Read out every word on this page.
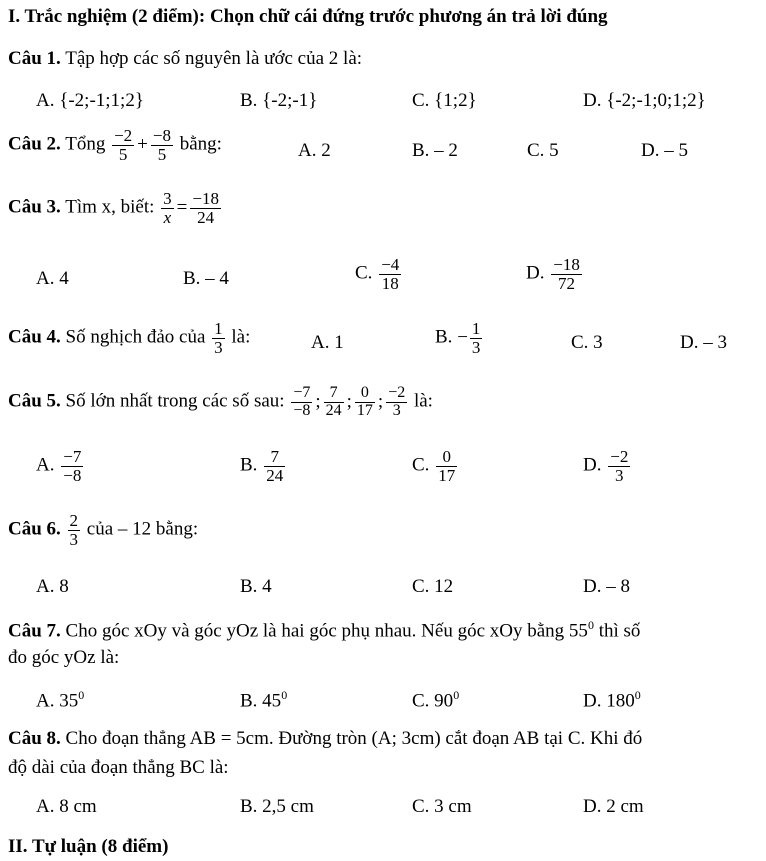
I. Trắc nghiệm (2 điểm): Chọn chữ cái đứng trước phương án trả lời đúng
Câu 1. Tập hợp các số nguyên là ước của 2 là:
A. {-2;-1;1;2}	B. {-2;-1}	C. {1;2}	D. {-2;-1;0;1;2}
Câu 2. Tổng $\frac{-2}{5} + \frac{-8}{5}$ bằng:	A. 2	B. – 2	C. 5	D. – 5
Câu 3. Tìm x, biết: $\frac{3}{x} = \frac{-18}{24}$
A. 4	B. – 4	C. $\frac{-4}{18}$	D. $\frac{-18}{72}$
Câu 4. Số nghịch đảo của $\frac{1}{3}$ là:	A. 1	B. − $\frac{1}{3}$	C. 3	D. – 3
Câu 5. Số lớn nhất trong các số sau: $\frac{-7}{-8}$ ; $\frac{7}{24}$ ; $\frac{0}{17}$ ; $\frac{-2}{3}$ là:
A. $\frac{-7}{-8}$	B. $\frac{7}{24}$	C. $\frac{0}{17}$	D. $\frac{-2}{3}$
Câu 6. $\frac{2}{3}$ của – 12 bằng:
A. 8	B. 4	C. 12	D. – 8
Câu 7. Cho góc xOy và góc yOz là hai góc phụ nhau. Nếu góc xOy bằng $55^0$ thì số
đo góc yOz là:
A. $35^0$	B. $45^0$	C. $90^0$	D. $180^0$
Câu 8. Cho đoạn thẳng AB = 5cm. Đường tròn (A; 3cm) cắt đoạn AB tại C. Khi đó
độ dài của đoạn thẳng BC là:
A. 8 cm	B. 2,5 cm	C. 3 cm	D. 2 cm
II. Tự luận (8 điểm)
